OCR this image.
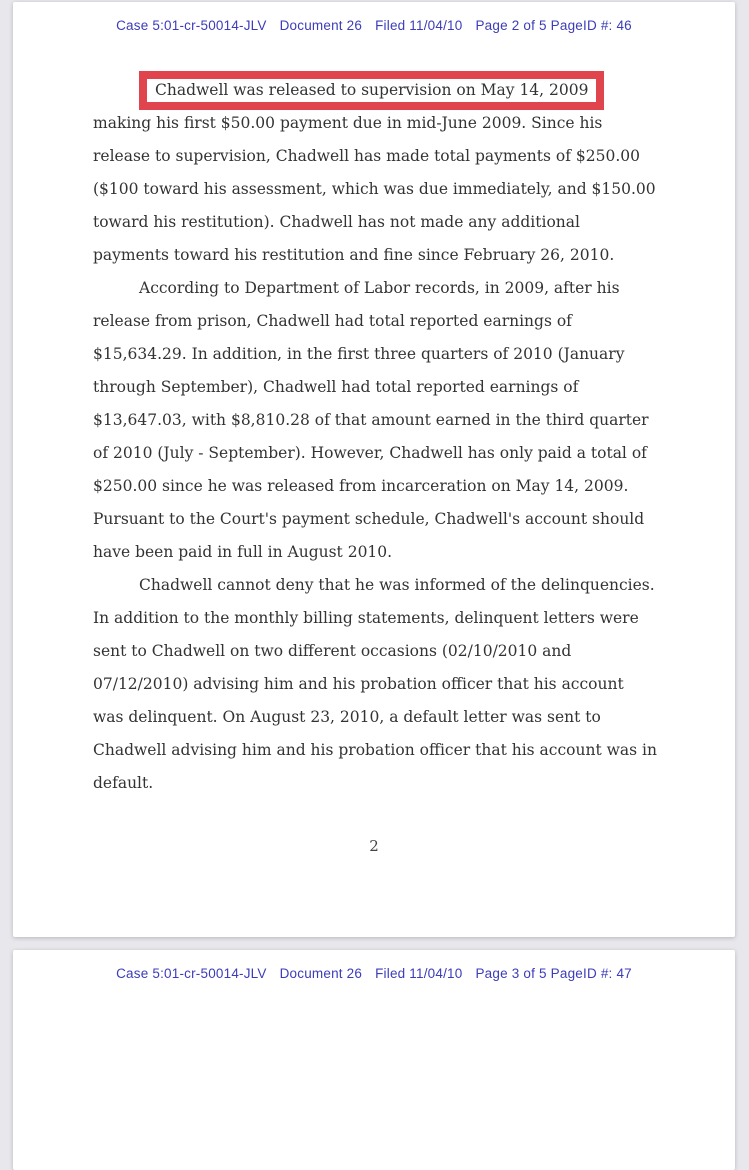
Case 5:01-cr-50014-JLV Document 26 Filed 11/04/10 Page 2 of 5 PageID #: 46

Chadwell was released to supervision on May 14, 2009 making his first $50.00 payment due in mid-June 2009. Since his release to supervision, Chadwell has made total payments of $250.00 ($100 toward his assessment, which was due immediately, and $150.00 toward his restitution). Chadwell has not made any additional payments toward his restitution and fine since February 26, 2010.

According to Department of Labor records, in 2009, after his release from prison, Chadwell had total reported earnings of $15,634.29. In addition, in the first three quarters of 2010 (January through September), Chadwell had total reported earnings of $13,647.03, with $8,810.28 of that amount earned in the third quarter of 2010 (July - September). However, Chadwell has only paid a total of $250.00 since he was released from incarceration on May 14, 2009. Pursuant to the Court's payment schedule, Chadwell's account should have been paid in full in August 2010.

Chadwell cannot deny that he was informed of the delinquencies. In addition to the monthly billing statements, delinquent letters were sent to Chadwell on two different occasions (02/10/2010 and 07/12/2010) advising him and his probation officer that his account was delinquent. On August 23, 2010, a default letter was sent to Chadwell advising him and his probation officer that his account was in default.

2
Case 5:01-cr-50014-JLV Document 26 Filed 11/04/10 Page 3 of 5 PageID #: 47
